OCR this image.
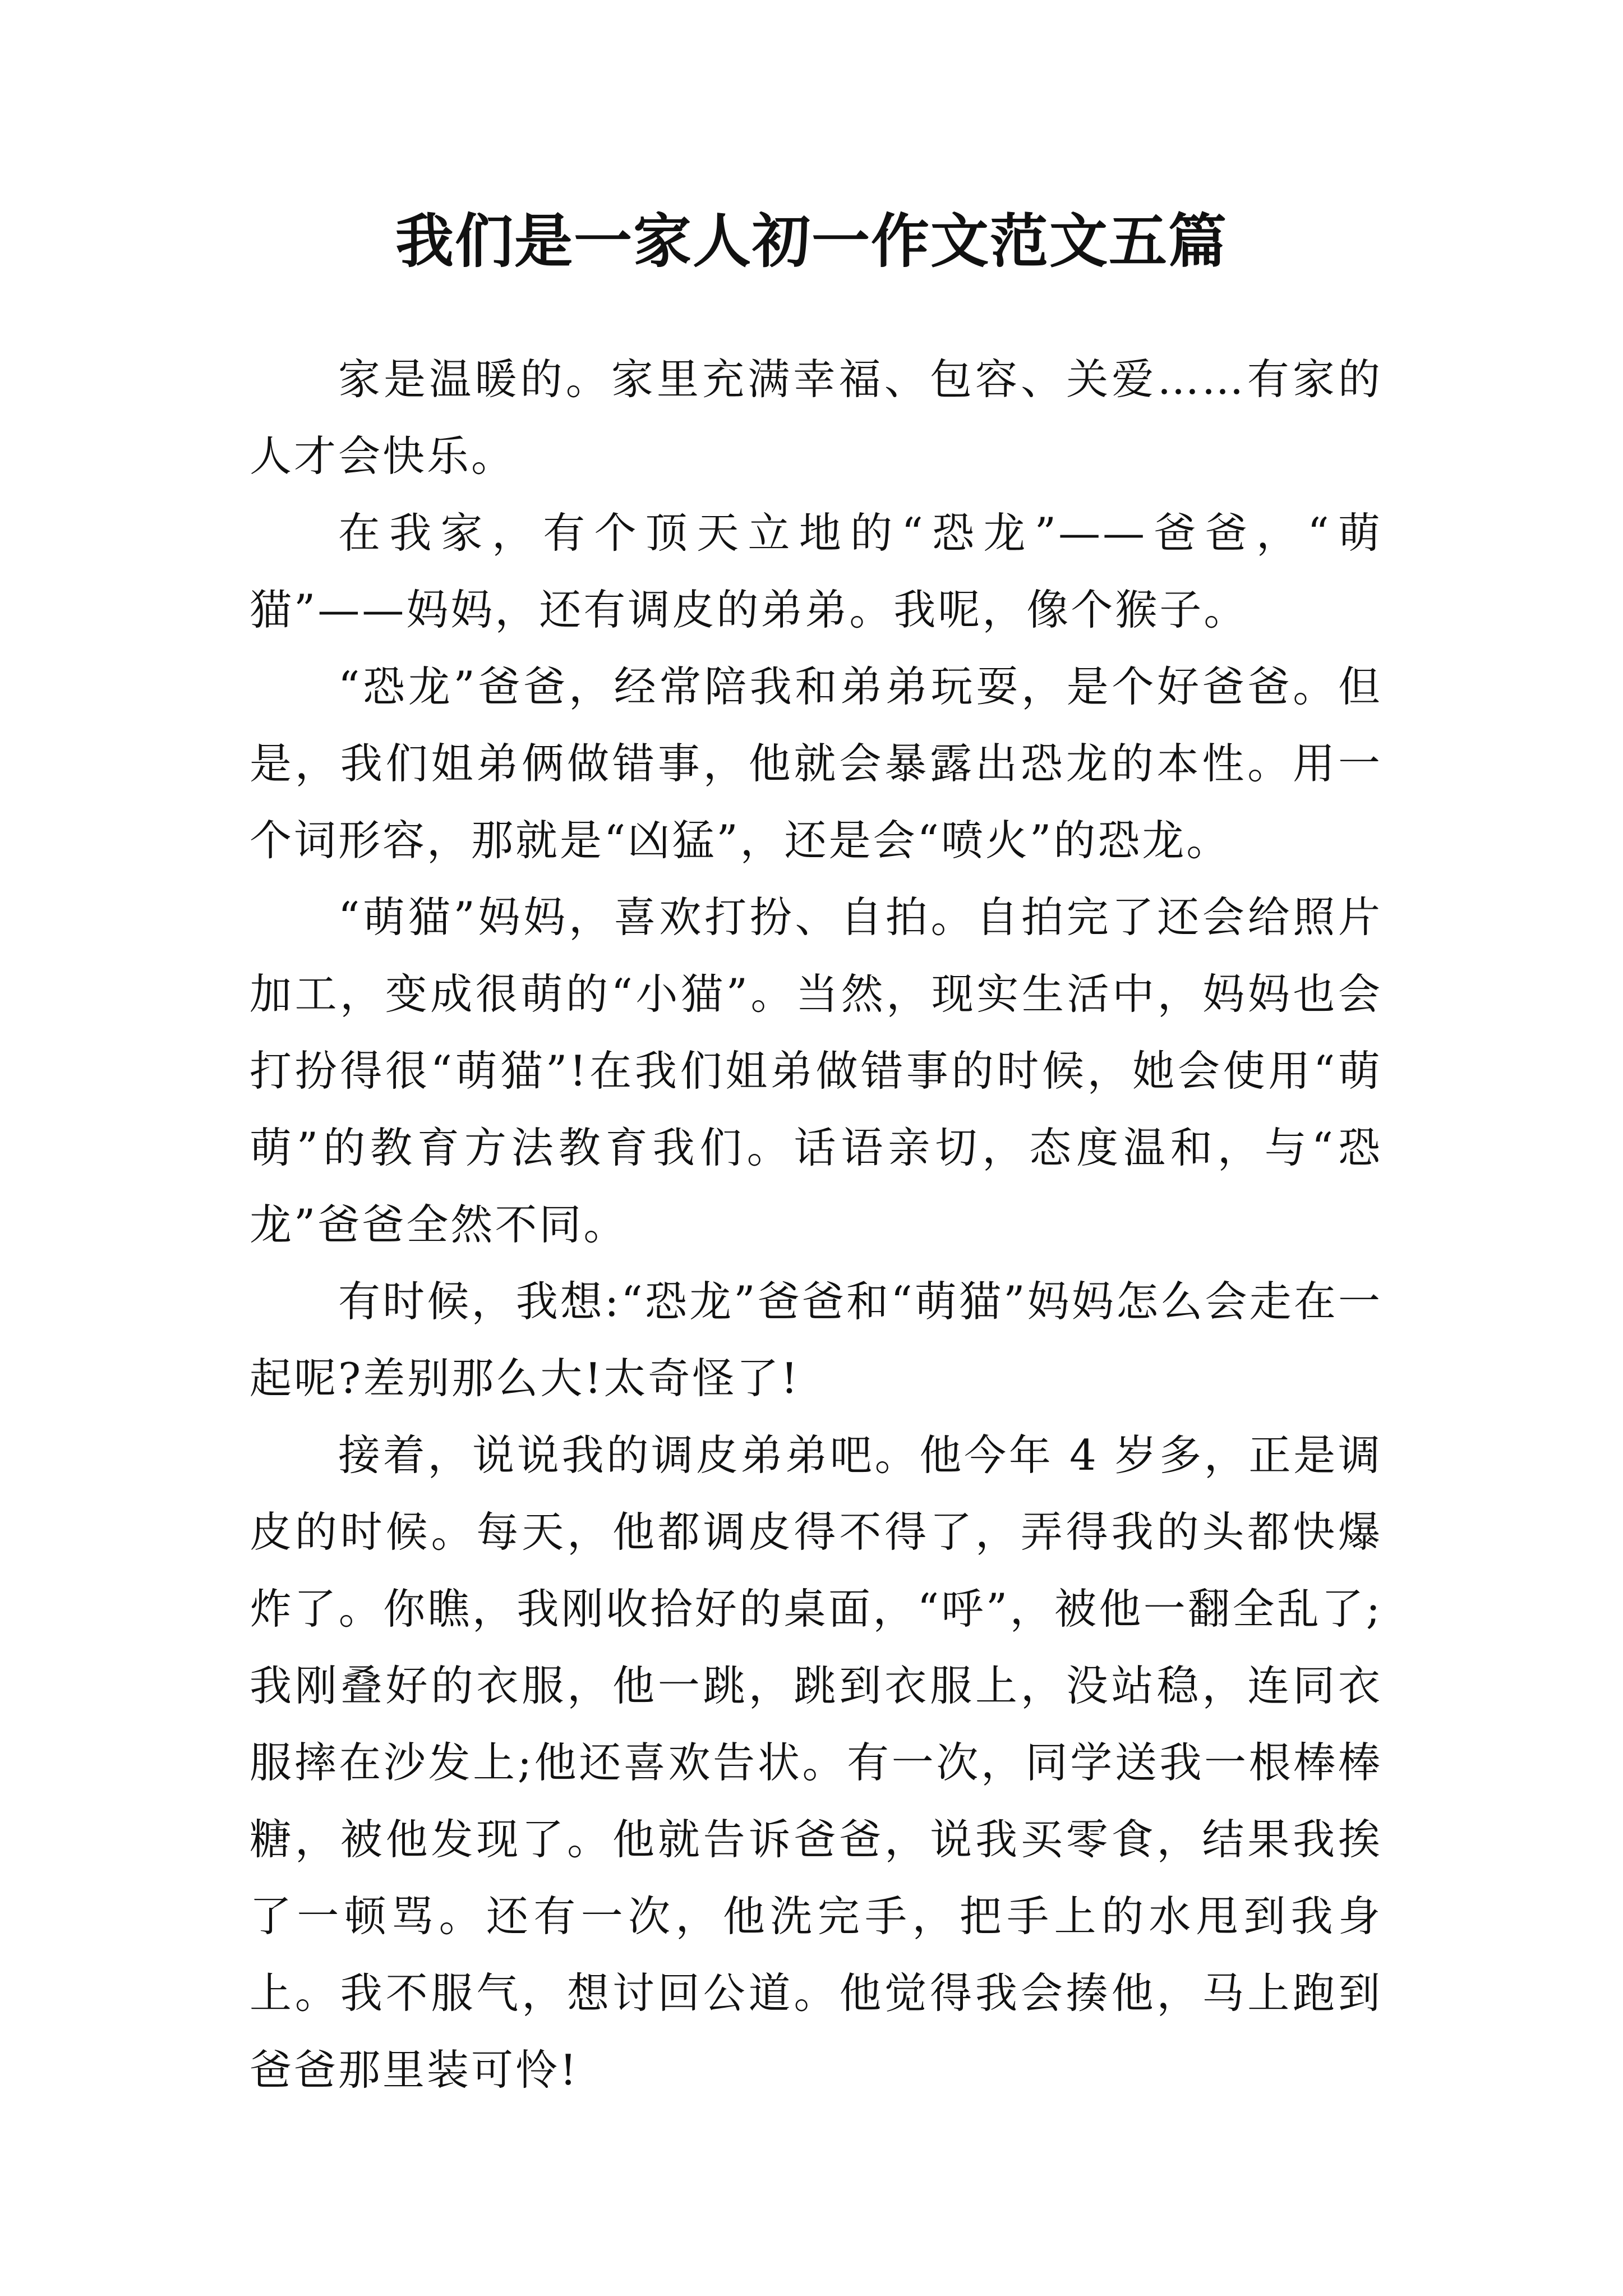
我们是一家人初一作文范文五篇

家是温暖的。家里充满幸福、包容、关爱……有家的人才会快乐。

在我家，有个顶天立地的“恐龙”——爸爸，“萌猫”——妈妈，还有调皮的弟弟。我呢，像个猴子。

“恐龙”爸爸，经常陪我和弟弟玩耍，是个好爸爸。但是，我们姐弟俩做错事，他就会暴露出恐龙的本性。用一个词形容，那就是“凶猛”，还是会“喷火”的恐龙。

“萌猫”妈妈，喜欢打扮、自拍。自拍完了还会给照片加工，变成很萌的“小猫”。当然，现实生活中，妈妈也会打扮得很“萌猫”!在我们姐弟做错事的时候，她会使用“萌萌”的教育方法教育我们。话语亲切，态度温和，与“恐龙”爸爸全然不同。

有时候，我想:“恐龙”爸爸和“萌猫”妈妈怎么会走在一起呢?差别那么大!太奇怪了!

接着，说说我的调皮弟弟吧。他今年 4 岁多，正是调皮的时候。每天，他都调皮得不得了，弄得我的头都快爆炸了。你瞧，我刚收拾好的桌面，“呼”，被他一翻全乱了;我刚叠好的衣服，他一跳，跳到衣服上，没站稳，连同衣服摔在沙发上;他还喜欢告状。有一次，同学送我一根棒棒糖，被他发现了。他就告诉爸爸，说我买零食，结果我挨了一顿骂。还有一次，他洗完手，把手上的水甩到我身上。我不服气，想讨回公道。他觉得我会揍他，马上跑到爸爸那里装可怜!
